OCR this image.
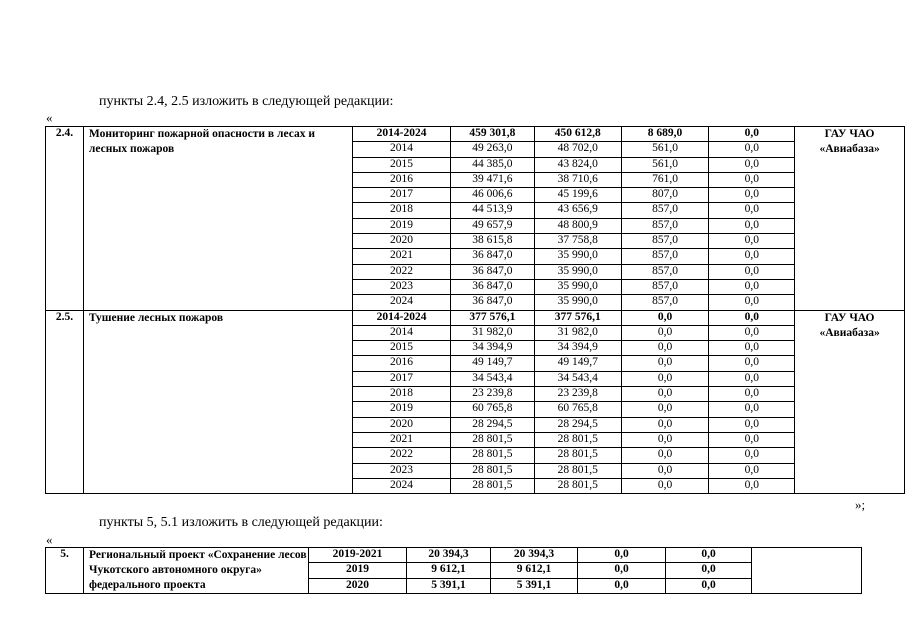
пункты 2.4, 2.5 изложить в следующей редакции:
«
2.4.	Мониторинг пожарной опасности в лесах и лесных пожаров	2014-2024	459 301,8	450 612,8	8 689,0	0,0	ГАУ ЧАО «Авиабаза»
		2014	49 263,0	48 702,0	561,0	0,0	
		2015	44 385,0	43 824,0	561,0	0,0	
		2016	39 471,6	38 710,6	761,0	0,0	
		2017	46 006,6	45 199,6	807,0	0,0	
		2018	44 513,9	43 656,9	857,0	0,0	
		2019	49 657,9	48 800,9	857,0	0,0	
		2020	38 615,8	37 758,8	857,0	0,0	
		2021	36 847,0	35 990,0	857,0	0,0	
		2022	36 847,0	35 990,0	857,0	0,0	
		2023	36 847,0	35 990,0	857,0	0,0	
		2024	36 847,0	35 990,0	857,0	0,0	
2.5.	Тушение лесных пожаров	2014-2024	377 576,1	377 576,1	0,0	0,0	ГАУ ЧАО «Авиабаза»
		2014	31 982,0	31 982,0	0,0	0,0	
		2015	34 394,9	34 394,9	0,0	0,0	
		2016	49 149,7	49 149,7	0,0	0,0	
		2017	34 543,4	34 543,4	0,0	0,0	
		2018	23 239,8	23 239,8	0,0	0,0	
		2019	60 765,8	60 765,8	0,0	0,0	
		2020	28 294,5	28 294,5	0,0	0,0	
		2021	28 801,5	28 801,5	0,0	0,0	
		2022	28 801,5	28 801,5	0,0	0,0	
		2023	28 801,5	28 801,5	0,0	0,0	
		2024	28 801,5	28 801,5	0,0	0,0	
»;
пункты 5, 5.1 изложить в следующей редакции:
«
5.	Региональный проект «Сохранение лесов Чукотского автономного округа» федерального проекта	2019-2021	20 394,3	20 394,3	0,0	0,0	
		2019	9 612,1	9 612,1	0,0	0,0	
		2020	5 391,1	5 391,1	0,0	0,0	
